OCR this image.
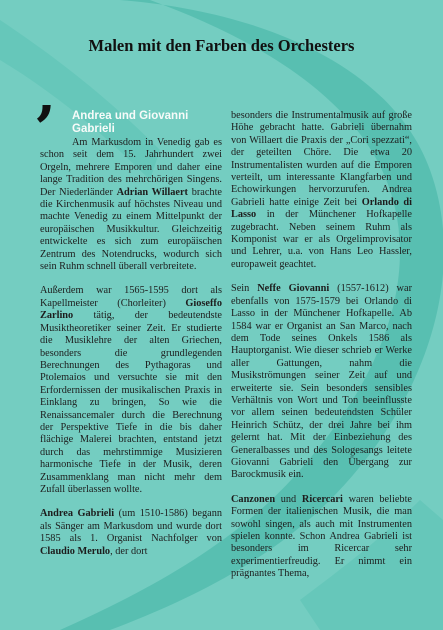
Malen mit den Farben des Orchesters
’ Andrea und Giovanni
Gabrieli

Am Markusdom in Venedig gab es schon seit dem 15. Jahrhundert zwei Orgeln, mehrere Emporen und daher eine lange Tradition des mehrchörigen Singens. Der Niederländer Adrian Willaert brachte die Kirchenmusik auf höchstes Niveau und machte Venedig zu einem Mittelpunkt der europäischen Musikkultur. Gleichzeitig entwickelte es sich zum europäischen Zentrum des Notendrucks, wodurch sich sein Ruhm schnell überall verbreitete.

Außerdem war 1565-1595 dort als Kapellmeister (Chorleiter) Gioseffo Zarlino tätig, der bedeutendste Musiktheoretiker seiner Zeit. Er studierte die Musiklehre der alten Griechen, besonders die grundlegenden Berechnungen des Pythagoras und Ptolemaios und versuchte sie mit den Erfordernissen der musikalischen Praxis in Einklang zu bringen, So wie die Renaissancemaler durch die Berechnung der Perspektive Tiefe in die bis daher flächige Malerei brachten, entstand jetzt durch das mehrstimmige Musizieren harmonische Tiefe in der Musik, deren Zusammenklang man nicht mehr dem Zufall überlassen wollte.

Andrea Gabrieli (um 1510-1586) begann als Sänger am Markusdom und wurde dort 1585 als 1. Organist Nachfolger von Claudio Merulo, der dort

besonders die Instrumentalmusik auf große Höhe gebracht hatte. Gabrieli übernahm von Willaert die Praxis der „Cori spezzati“, der geteilten Chöre. Die etwa 20 Instrumentalisten wurden auf die Emporen verteilt, um interessante Klangfarben und Echowirkungen hervorzurufen. Andrea Gabrieli hatte einige Zeit bei Orlando di Lasso in der Münchener Hofkapelle zugebracht. Neben seinem Ruhm als Komponist war er als Orgelimprovisator und Lehrer, u.a. von Hans Leo Hassler, europaweit geachtet.

Sein Neffe Giovanni (1557-1612) war ebenfalls von 1575-1579 bei Orlando di Lasso in der Münchener Hofkapelle. Ab 1584 war er Organist an San Marco, nach dem Tode seines Onkels 1586 als Hauptorganist. Wie dieser schrieb er Werke aller Gattungen, nahm die Musikströmungen seiner Zeit auf und erweiterte sie. Sein besonders sensibles Verhältnis von Wort und Ton beeinflusste vor allem seinen bedeutendsten Schüler Heinrich Schütz, der drei Jahre bei ihm gelernt hat. Mit der Einbeziehung des Generalbasses und des Sologesangs leitete Giovanni Gabrieli den Übergang zur Barockmusik ein.

Canzonen und Ricercari waren beliebte Formen der italienischen Musik, die man sowohl singen, als auch mit Instrumenten spielen konnte. Schon Andrea Gabrieli ist besonders im Ricercar sehr experimentierfreudig. Er nimmt ein prägnantes Thema,
